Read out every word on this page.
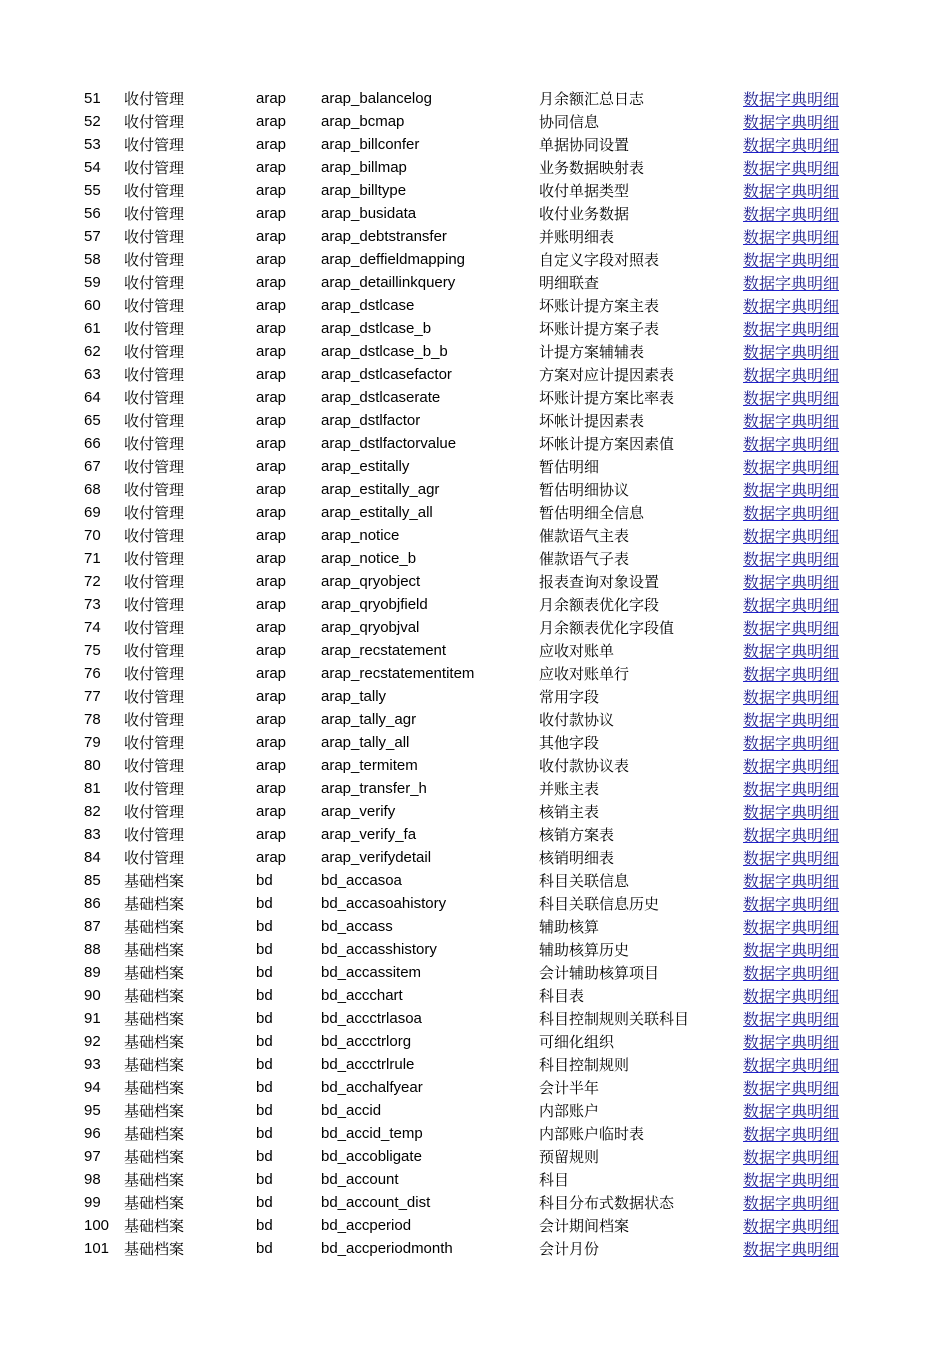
51	收付管理	arap	arap_balancelog	月余额汇总日志	数据字典明细
52	收付管理	arap	arap_bcmap	协同信息	数据字典明细
53	收付管理	arap	arap_billconfer	单据协同设置	数据字典明细
54	收付管理	arap	arap_billmap	业务数据映射表	数据字典明细
55	收付管理	arap	arap_billtype	收付单据类型	数据字典明细
56	收付管理	arap	arap_busidata	收付业务数据	数据字典明细
57	收付管理	arap	arap_debtstransfer	并账明细表	数据字典明细
58	收付管理	arap	arap_deffieldmapping	自定义字段对照表	数据字典明细
59	收付管理	arap	arap_detaillinkquery	明细联查	数据字典明细
60	收付管理	arap	arap_dstlcase	坏账计提方案主表	数据字典明细
61	收付管理	arap	arap_dstlcase_b	坏账计提方案子表	数据字典明细
62	收付管理	arap	arap_dstlcase_b_b	计提方案辅辅表	数据字典明细
63	收付管理	arap	arap_dstlcasefactor	方案对应计提因素表	数据字典明细
64	收付管理	arap	arap_dstlcaserate	坏账计提方案比率表	数据字典明细
65	收付管理	arap	arap_dstlfactor	坏帐计提因素表	数据字典明细
66	收付管理	arap	arap_dstlfactorvalue	坏帐计提方案因素值	数据字典明细
67	收付管理	arap	arap_estitally	暂估明细	数据字典明细
68	收付管理	arap	arap_estitally_agr	暂估明细协议	数据字典明细
69	收付管理	arap	arap_estitally_all	暂估明细全信息	数据字典明细
70	收付管理	arap	arap_notice	催款语气主表	数据字典明细
71	收付管理	arap	arap_notice_b	催款语气子表	数据字典明细
72	收付管理	arap	arap_qryobject	报表查询对象设置	数据字典明细
73	收付管理	arap	arap_qryobjfield	月余额表优化字段	数据字典明细
74	收付管理	arap	arap_qryobjval	月余额表优化字段值	数据字典明细
75	收付管理	arap	arap_recstatement	应收对账单	数据字典明细
76	收付管理	arap	arap_recstatementitem	应收对账单行	数据字典明细
77	收付管理	arap	arap_tally	常用字段	数据字典明细
78	收付管理	arap	arap_tally_agr	收付款协议	数据字典明细
79	收付管理	arap	arap_tally_all	其他字段	数据字典明细
80	收付管理	arap	arap_termitem	收付款协议表	数据字典明细
81	收付管理	arap	arap_transfer_h	并账主表	数据字典明细
82	收付管理	arap	arap_verify	核销主表	数据字典明细
83	收付管理	arap	arap_verify_fa	核销方案表	数据字典明细
84	收付管理	arap	arap_verifydetail	核销明细表	数据字典明细
85	基础档案	bd	bd_accasoa	科目关联信息	数据字典明细
86	基础档案	bd	bd_accasoahistory	科目关联信息历史	数据字典明细
87	基础档案	bd	bd_accass	辅助核算	数据字典明细
88	基础档案	bd	bd_accasshistory	辅助核算历史	数据字典明细
89	基础档案	bd	bd_accassitem	会计辅助核算项目	数据字典明细
90	基础档案	bd	bd_accchart	科目表	数据字典明细
91	基础档案	bd	bd_accctrlasoa	科目控制规则关联科目	数据字典明细
92	基础档案	bd	bd_accctrlorg	可细化组织	数据字典明细
93	基础档案	bd	bd_accctrlrule	科目控制规则	数据字典明细
94	基础档案	bd	bd_acchalfyear	会计半年	数据字典明细
95	基础档案	bd	bd_accid	内部账户	数据字典明细
96	基础档案	bd	bd_accid_temp	内部账户临时表	数据字典明细
97	基础档案	bd	bd_accobligate	预留规则	数据字典明细
98	基础档案	bd	bd_account	科目	数据字典明细
99	基础档案	bd	bd_account_dist	科目分布式数据状态	数据字典明细
100	基础档案	bd	bd_accperiod	会计期间档案	数据字典明细
101	基础档案	bd	bd_accperiodmonth	会计月份	数据字典明细
